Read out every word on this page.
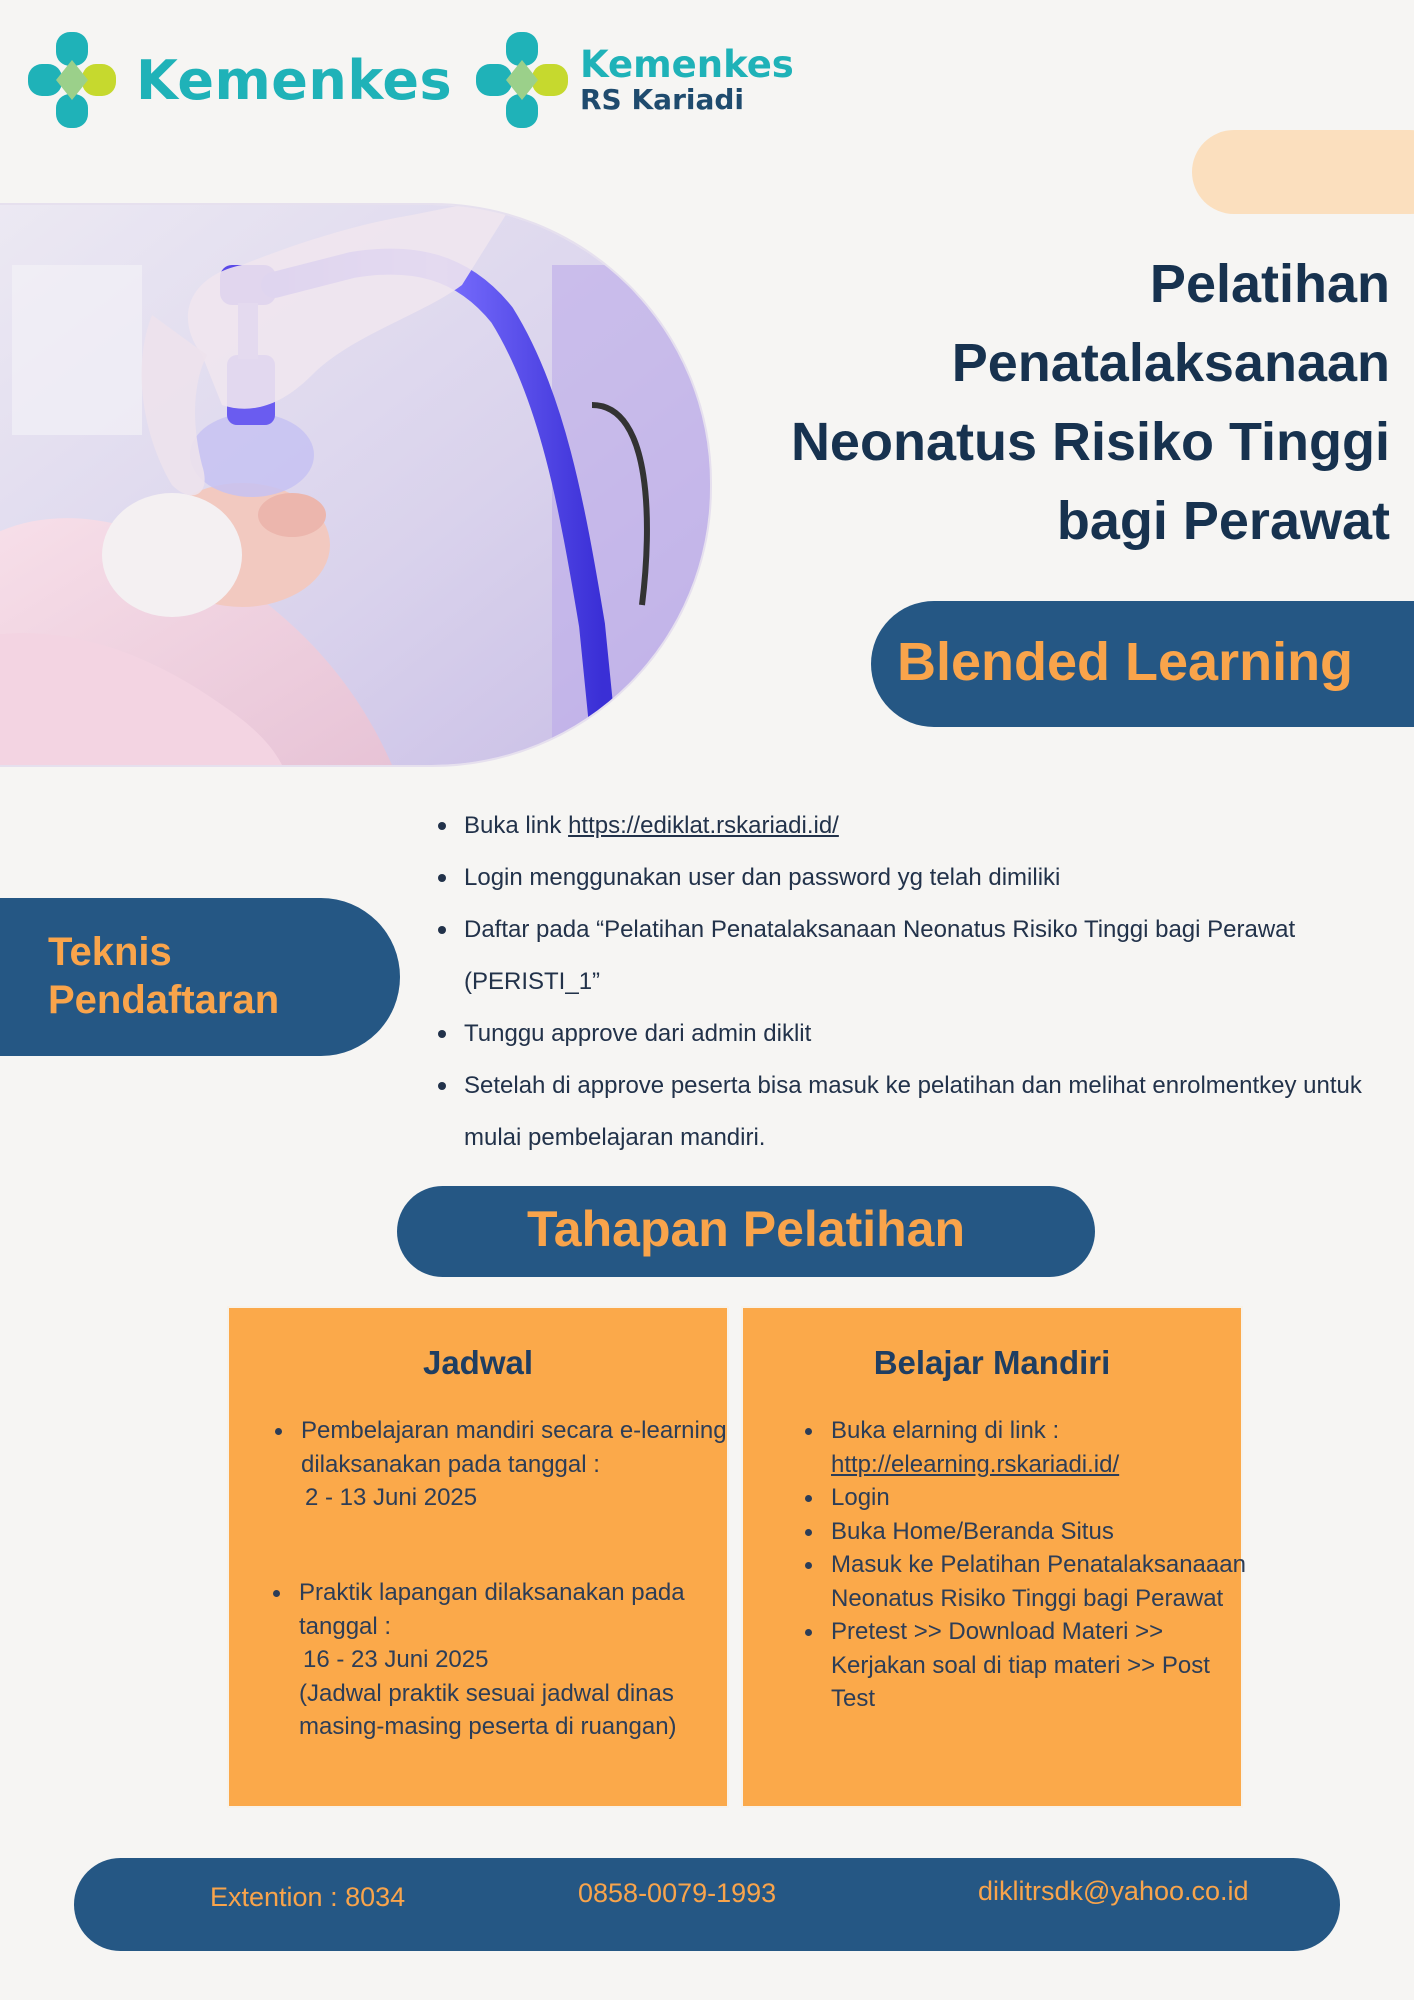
Kemenkes	Kemenkes
RS Kariadi
Pelatihan
Penatalaksanaan
Neonatus Risiko Tinggi
bagi Perawat
Blended Learning
Teknis
Pendaftaran
Buka link https://ediklat.rskariadi.id/
Login menggunakan user dan password yg telah dimiliki
Daftar pada “Pelatihan Penatalaksanaan Neonatus Risiko Tinggi bagi Perawat (PERISTI_1”
Tunggu approve dari admin diklit
Setelah di approve peserta bisa masuk ke pelatihan dan melihat enrolmentkey untuk mulai pembelajaran mandiri.
Tahapan Pelatihan
Jadwal
Pembelajaran mandiri secara e-learning dilaksanakan pada tanggal :
2 - 13 Juni 2025
Praktik lapangan dilaksanakan pada tanggal :
16 - 23 Juni 2025
(Jadwal praktik sesuai jadwal dinas masing-masing peserta di ruangan)
Belajar Mandiri
Buka elarning di link :
http://elearning.rskariadi.id/
Login
Buka Home/Beranda Situs
Masuk ke Pelatihan Penatalaksanaaan Neonatus Risiko Tinggi bagi Perawat
Pretest >> Download Materi >> Kerjakan soal di tiap materi >> Post Test
Extention : 8034	0858-0079-1993	diklitrsdk@yahoo.co.id
